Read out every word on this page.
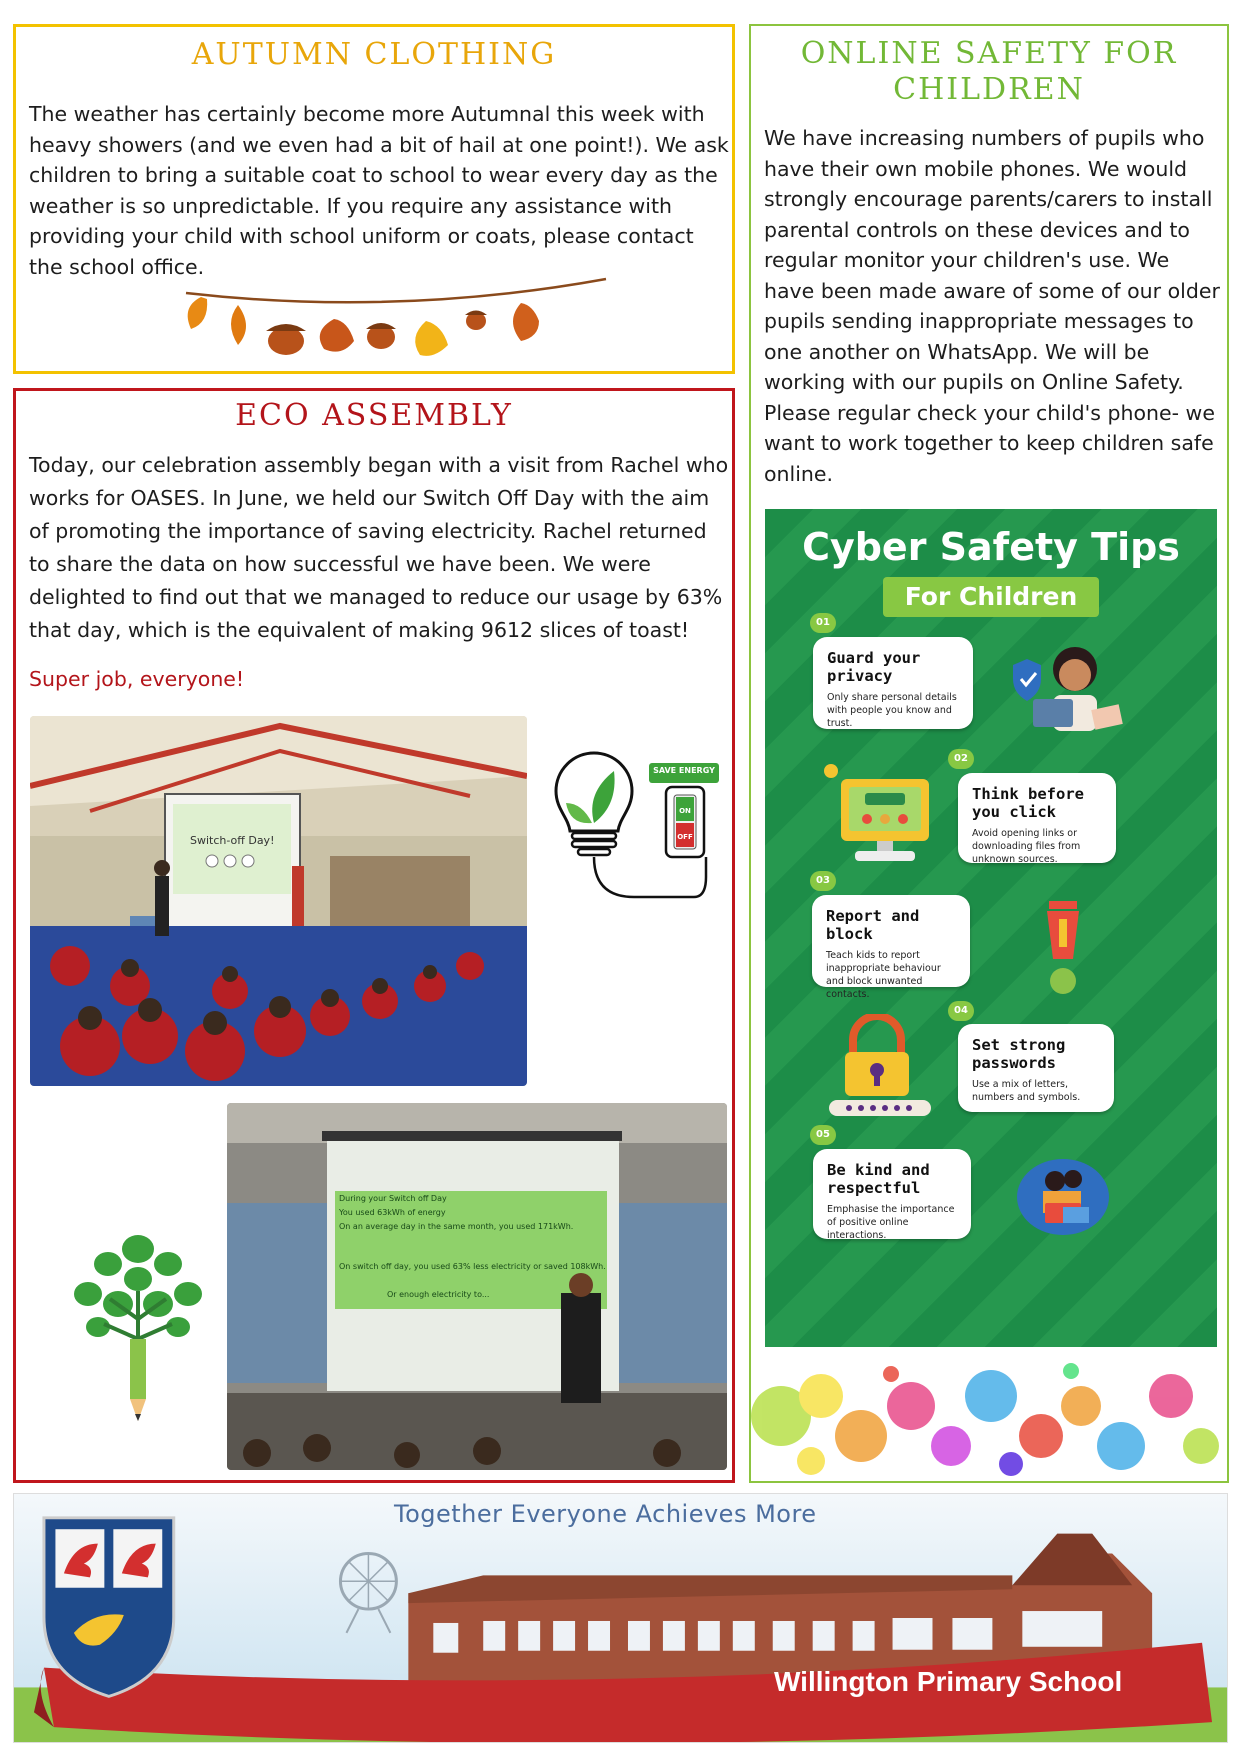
AUTUMN CLOTHING

The weather has certainly become more Autumnal this week with heavy showers (and we even had a bit of hail at one point!). We ask children to bring a suitable coat to school to wear every day as the weather is so unpredictable. If you require any assistance with providing your child with school uniform or coats, please contact the school office.

ECO ASSEMBLY

Today, our celebration assembly began with a visit from Rachel who works for OASES. In June, we held our Switch Off Day with the aim of promoting the importance of saving electricity. Rachel returned to share the data on how successful we have been. We were delighted to find out that we managed to reduce our usage by 63% that day, which is the equivalent of making 9612 slices of toast!

Super job, everyone!

Switch-off Day!
SAVE ENERGY
ON
OFF
During your Switch off Day
You used 63kWh of energy
On an average day in the same month, you used 171kWh.
On switch off day, you used 63% less electricity or saved 108kWh.
Or enough electricity to...
ONLINE SAFETY FOR CHILDREN

We have increasing numbers of pupils who have their own mobile phones. We would strongly encourage parents/carers to install parental controls on these devices and to regular monitor your children's use. We have been made aware of some of our older pupils sending inappropriate messages to one another on WhatsApp. We will be working with our pupils on Online Safety. Please regular check your child's phone- we want to work together to keep children safe online.

Cyber Safety Tips
For Children
01
Guard your privacy
Only share personal details with people you know and trust.
02
Think before you click
Avoid opening links or downloading files from unknown sources.
03
Report and block
Teach kids to report inappropriate behaviour and block unwanted contacts.
04
Set strong passwords
Use a mix of letters, numbers and symbols.
05
Be kind and respectful
Emphasise the importance of positive online interactions.
Together Everyone Achieves More
Willington Primary School
